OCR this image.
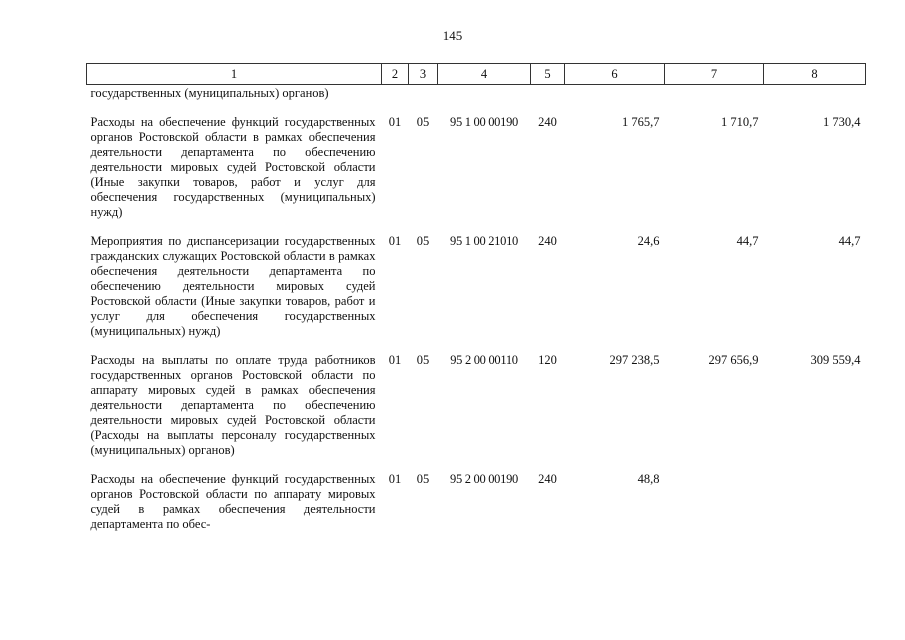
145
1	2	3	4	5	6	7	8
государственных (муниципальных) органов)							
Расходы на обеспечение функций государственных органов Ростовской области в рамках обеспечения деятельности департамента по обеспечению деятельности мировых судей Ростовской области (Иные закупки товаров, работ и услуг для обеспечения государственных (муниципальных) нужд)	01	05	95 1 00 00190	240	1 765,7	1 710,7	1 730,4
Мероприятия по диспансеризации государственных гражданских служащих Ростовской области в рамках обеспечения деятельности департамента по обеспечению деятельности мировых судей Ростовской области (Иные закупки товаров, работ и услуг для обеспечения государственных (муниципальных) нужд)	01	05	95 1 00 21010	240	24,6	44,7	44,7
Расходы на выплаты по оплате труда работников государственных органов Ростовской области по аппарату мировых судей в рамках обеспечения деятельности департамента по обеспечению деятельности мировых судей Ростовской области (Расходы на выплаты персоналу государственных (муниципальных) органов)	01	05	95 2 00 00110	120	297 238,5	297 656,9	309 559,4
Расходы на обеспечение функций государственных органов Ростовской области по аппарату мировых судей в рамках обеспечения деятельности департамента по обес-	01	05	95 2 00 00190	240	48,8		
